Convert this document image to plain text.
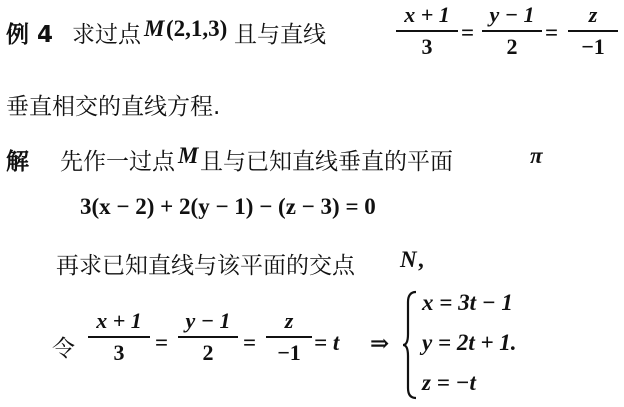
例 4 求过点 M (2,1,3) 且与直线
x + 1
3
=
y − 1
2
=
z
−1
垂直相交的直线方程.
解 先作一过点 M 且与已知直线垂直的平面	π
3(x − 2) + 2(y − 1) − (z − 3) = 0
再求已知直线与该平面的交点 N ,
令
x + 1
3	=
y − 1
2	=
z
−1 = t ⇒
x = 3t − 1
y = 2t + 1.
z = −t
